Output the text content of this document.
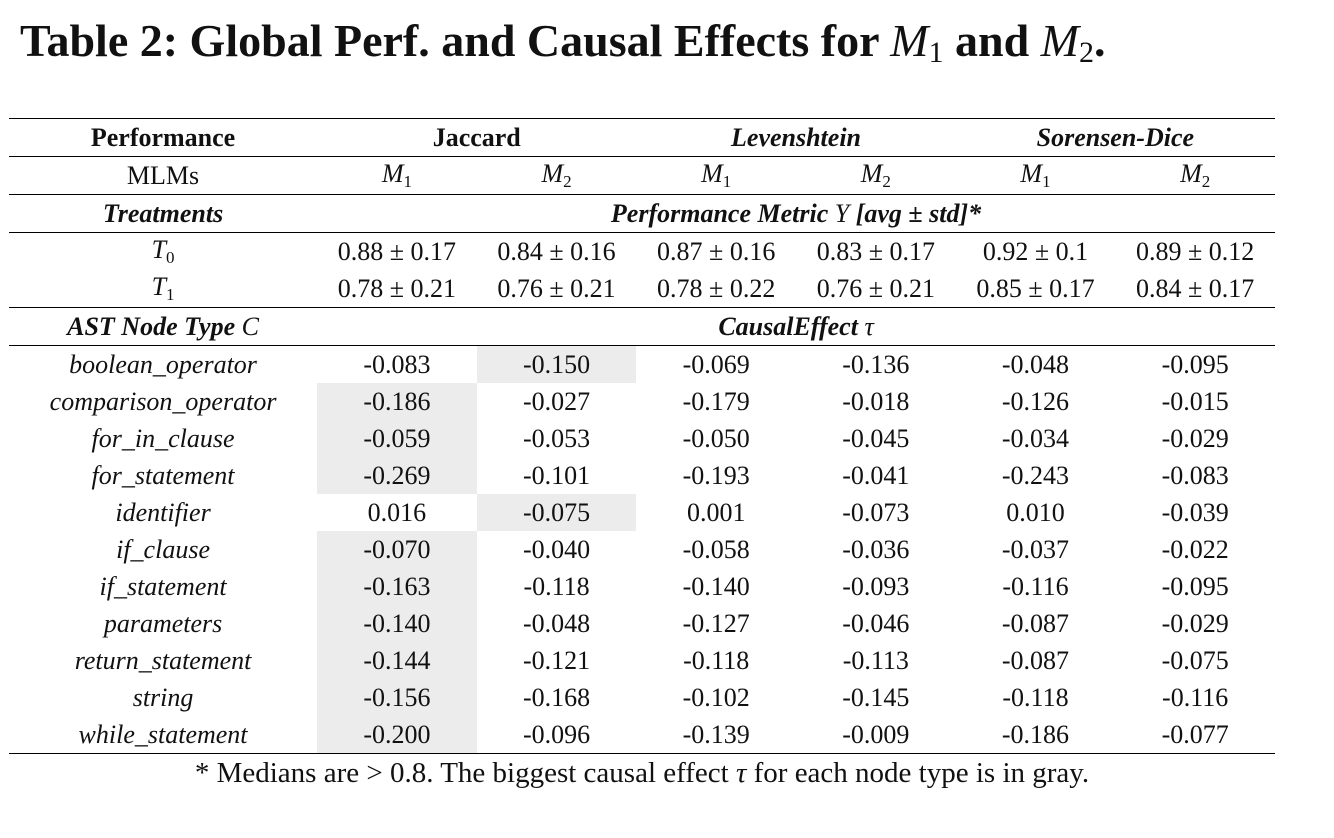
Table 2: Global Perf. and Causal Effects for $M_1$ and $M_2$.
Performance	Jaccard		Levenshtein		Sorensen-Dice	
MLMs	$M_1$	$M_2$	$M_1$	$M_2$	$M_1$	$M_2$
Treatments	Performance Metric Y [avg ± std]*					
$T_0$	0.88 ± 0.17	0.84 ± 0.16	0.87 ± 0.16	0.83 ± 0.17	0.92 ± 0.1	0.89 ± 0.12
$T_1$	0.78 ± 0.21	0.76 ± 0.21	0.78 ± 0.22	0.76 ± 0.21	0.85 ± 0.17	0.84 ± 0.17
AST Node Type C	CausalEffect τ					
boolean_operator	-0.083	-0.150	-0.069	-0.136	-0.048	-0.095
comparison_operator	-0.186	-0.027	-0.179	-0.018	-0.126	-0.015
for_in_clause	-0.059	-0.053	-0.050	-0.045	-0.034	-0.029
for_statement	-0.269	-0.101	-0.193	-0.041	-0.243	-0.083
identifier	0.016	-0.075	0.001	-0.073	0.010	-0.039
if_clause	-0.070	-0.040	-0.058	-0.036	-0.037	-0.022
if_statement	-0.163	-0.118	-0.140	-0.093	-0.116	-0.095
parameters	-0.140	-0.048	-0.127	-0.046	-0.087	-0.029
return_statement	-0.144	-0.121	-0.118	-0.113	-0.087	-0.075
string	-0.156	-0.168	-0.102	-0.145	-0.118	-0.116
while_statement	-0.200	-0.096	-0.139	-0.009	-0.186	-0.077
* Medians are > 0.8. The biggest causal effect τ for each node type is in gray.
